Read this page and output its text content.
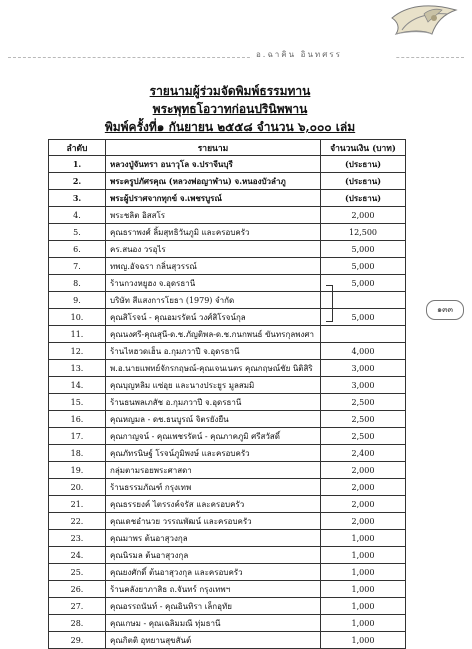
อ.ฉาคิน อินทศรร
รายนามผู้ร่วมจัดพิมพ์ธรรมทาน
พระพุทธโอวาทก่อนปรินิพพาน
พิมพ์ครั้งที่๑ กันยายน ๒๕๕๘ จำนวน ๖,๐๐๐ เล่ม
ลำดับ	รายนาม	จำนวนเงิน (บาท)
1.	หลวงปู่จันทรา อนาวุโล จ.ปราจีนบุรี	(ประธาน)
2.	พระครูปภัศรคุณ (หลวงพ่อญาฬาน) จ.หนองบัวลำภู	(ประธาน)
3.	พระผู้ปราศจากทุกข์ จ.เพชรบูรณ์	(ประธาน)
4.	พระชลิต อิสสโร	2,000
5.	คุณธราพงศ์ ลิ้มสุทธิวันภูมิ และครอบครัว	12,500
6.	คร.สนอง วรอุไร	5,000
7.	ทพญ.อัจฉรา กลิ่นสุวรรณ์	5,000
8.	ร้านกวงหยูฮง จ.อุดรธานี	5,000
9.	บริษัท สีแสงการโยธา (1979) จำกัด	
10.	คุณสิโรจน์ - คุณอมรรัตน์ วงศ์สิโรจน์กุล	5,000
11.	คุณนงศรี-คุณสุนี-ด.ช.ภัญติพล-ด.ช.กนกพนธ์ ขันทรกุลพงศา	
12.	ร้านไหฮวดเฮ็น อ.กุมภวาปี จ.อุดรธานี	4,000
13.	พ.อ.นายแพทย์จักรกฤษณ์-คุณเจนเนตร คุณกฤษณ์ชัย นิติสิริ	3,000
14.	คุณบุญหลิม แซ่อุย และนางประยูร มูลสมมิ	3,000
15.	ร้านธนพลเภสัช อ.กุมภวาปี จ.อุดรธานี	2,500
16.	คุณหญมล - ดช.ธนบูรณ์ จิตรยังยืน	2,500
17.	คุณกาญจน์ - คุณเพชรรัตน์ - คุณภาคภูมิ ศรีสวัสดิ์	2,500
18.	คุณภัทรนิษฐ์ โรจน์ภูมิพงษ์ และครอบครัว	2,400
19.	กลุ่มตามรอยพระศาสดา	2,000
20.	ร้านธรรมภัณฑ์ กรุงเทพ	2,000
21.	คุณธรรยงค์ ไตรรงค์จรัส และครอบครัว	2,000
22.	คุณเดชอำนวย วรรณพัฒน์ และครอบครัว	2,000
23.	คุณมาพร ต้นอาสุวงกุล	1,000
24.	คุณนิรมล ต้นอาสุวงกุล	1,000
25.	คุณยงศักดิ์ ต้นอาสุวงกุล และครอบครัว	1,000
26.	ร้านคลังยาภาสิธ ถ.จันทร์ กรุงเทพฯ	1,000
27.	คุณอรรถนันท์ - คุณอินทิรา เล็กอุทัย	1,000
28.	คุณเกษม - คุณเฉลิมมณี ทุ่มธานี	1,000
29.	คุณกิตติ อุทยานสุขสันต์	1,000
๑๓๓
